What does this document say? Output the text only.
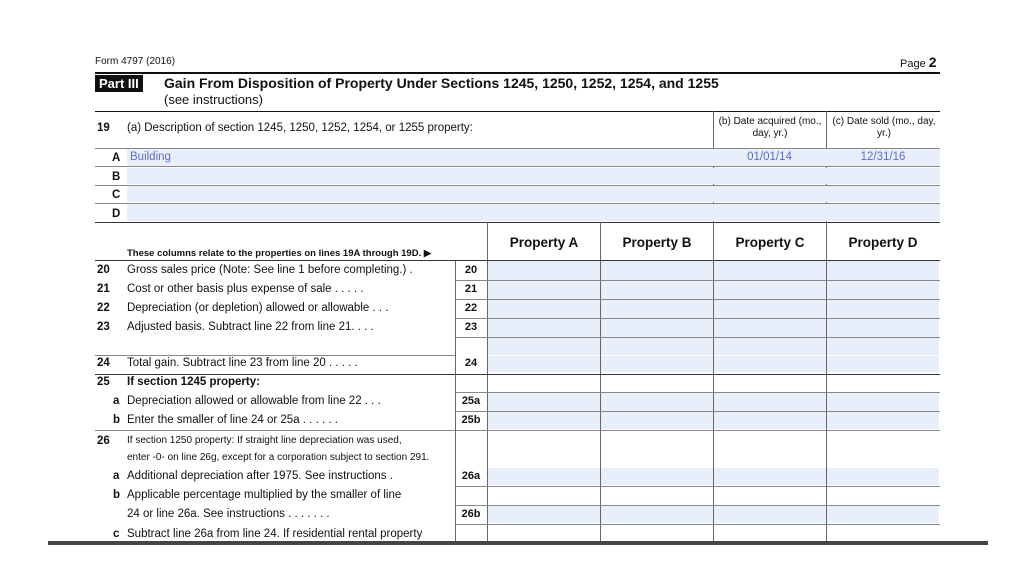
Form 4797 (2016)	Page 2
Part III Gain From Disposition of Property Under Sections 1245, 1250, 1252, 1254, and 1255
(see instructions)
19 (a) Description of section 1245, 1250, 1252, 1254, or 1255 property:
(b) Date acquired (mo., day, yr.)
(c) Date sold (mo., day, yr.)
A Building	01/01/14	12/31/16
B
C
D
These columns relate to the properties on lines 19A through 19D. ▶
Property A	Property B	Property C	Property D
20 Gross sales price (Note: See line 1 before completing.) .	20
21 Cost or other basis plus expense of sale . . . . .	21
22 Depreciation (or depletion) allowed or allowable . . .	22
23 Adjusted basis. Subtract line 22 from line 21. . . .	23
24 Total gain. Subtract line 23 from line 20 . . . . .	24
25 If section 1245 property:
a Depreciation allowed or allowable from line 22 . . .	25a
b Enter the smaller of line 24 or 25a . . . . . .	25b
26 If section 1250 property: If straight line depreciation was used,
enter -0- on line 26g, except for a corporation subject to section 291.
a Additional depreciation after 1975. See instructions .	26a
b Applicable percentage multiplied by the smaller of line
24 or line 26a. See instructions . . . . . . .	26b
c Subtract line 26a from line 24. If residential rental property
